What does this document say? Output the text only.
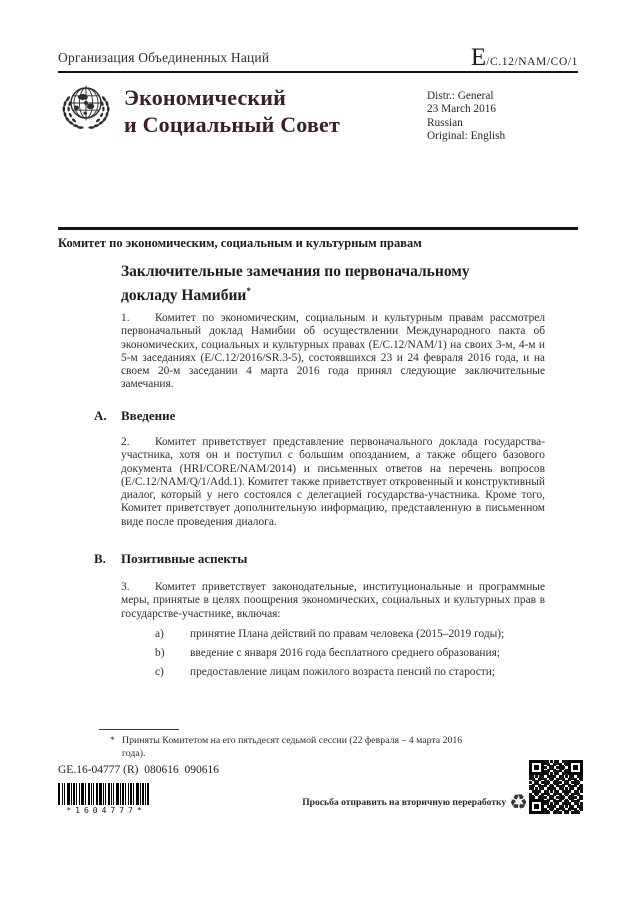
Организация Объединенных Наций	E /C.12/NAM/CO/1
Экономический
и Социальный Совет
Distr.: General
23 March 2016
Russian
Original: English
Комитет по экономическим, социальным и культурным правам
Заключительные замечания по первоначальному докладу Намибии*

1. Комитет по экономическим, социальным и культурным правам рассмотрел первоначальный доклад Намибии об осуществлении Международного пакта об экономических, социальных и культурных правах (E/C.12/NAM/1) на своих 3-м, 4-м и 5-м заседаниях (E/C.12/2016/SR.3-5), состоявшихся 23 и 24 февраля 2016 года, и на своем 20-м заседании 4 марта 2016 года принял следующие заключительные замечания.

A. Введение

2. Комитет приветствует представление первоначального доклада государства-участника, хотя он и поступил с большим опозданием, а также общего базового документа (HRI/CORE/NAM/2014) и письменных ответов на перечень вопросов (E/C.12/NAM/Q/1/Add.1). Комитет также приветствует откровенный и конструктивный диалог, который у него состоялся с делегацией государства-участника. Кроме того, Комитет приветствует дополнительную информацию, представленную в письменном виде после проведения диалога.

B. Позитивные аспекты

3. Комитет приветствует законодательные, институциональные и программные меры, принятые в целях поощрения экономических, социальных и культурных прав в государстве-участнике, включая:

a)	принятие Плана действий по правам человека (2015–2019 годы);
b)	введение с января 2016 года бесплатного среднего образования;
c)	предоставление лицам пожилого возраста пенсий по старости;
* Приняты Комитетом на его пятьдесят седьмой сессии (22 февраля – 4 марта 2016 года).
GE.16-04777 (R)  080616  090616
*1604777*
Просьба отправить на вторичную переработку ♻
